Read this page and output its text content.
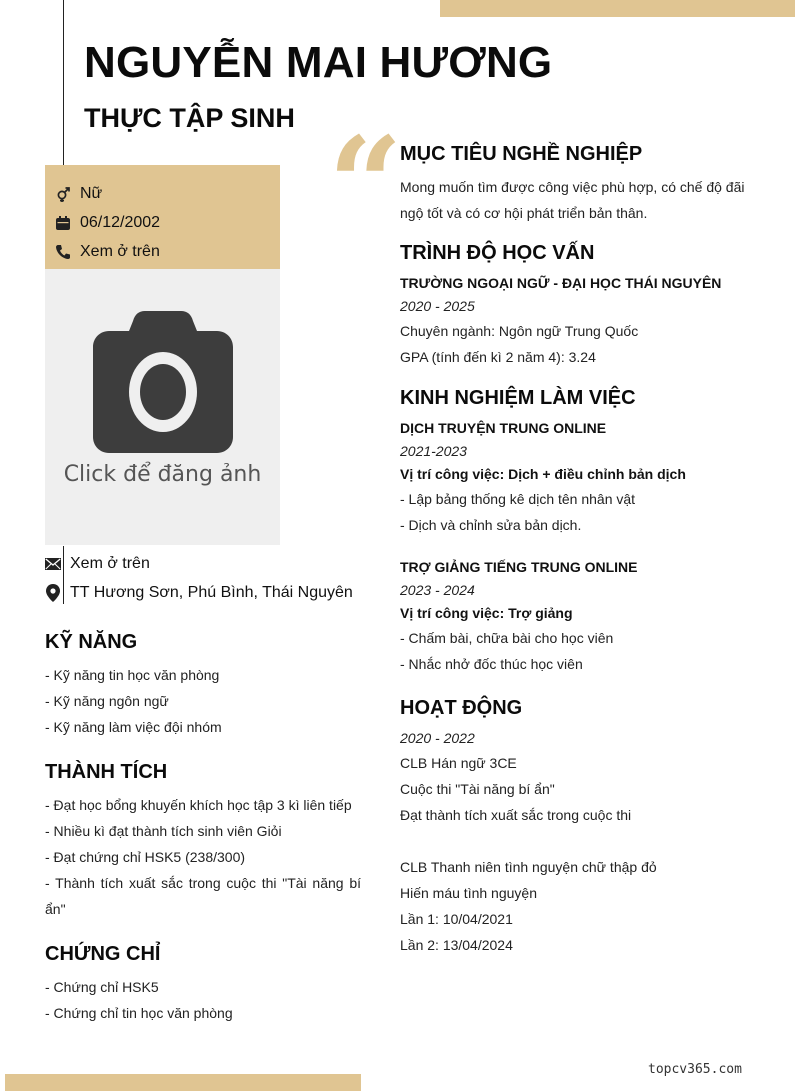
NGUYỄN MAI HƯƠNG
THỰC TẬP SINH
Nữ
06/12/2002
Xem ở trên
Click để đăng ảnh
Xem ở trên
TT Hương Sơn, Phú Bình, Thái Nguyên
KỸ NĂNG
- Kỹ năng tin học văn phòng
- Kỹ năng ngôn ngữ
- Kỹ năng làm việc đội nhóm
THÀNH TÍCH
- Đạt học bổng khuyến khích học tập 3 kì liên tiếp
- Nhiều kì đạt thành tích sinh viên Giỏi
- Đạt chứng chỉ HSK5 (238/300)
- Thành tích xuất sắc trong cuộc thi "Tài năng bí ẩn"
CHỨNG CHỈ
- Chứng chỉ HSK5
- Chứng chỉ tin học văn phòng
“
MỤC TIÊU NGHỀ NGHIỆP
Mong muốn tìm được công việc phù hợp, có chế độ đãi ngộ tốt và có cơ hội phát triển bản thân.
TRÌNH ĐỘ HỌC VẤN
TRƯỜNG NGOẠI NGỮ - ĐẠI HỌC THÁI NGUYÊN
2020 - 2025
Chuyên ngành: Ngôn ngữ Trung Quốc
GPA (tính đến kì 2 năm 4): 3.24
KINH NGHIỆM LÀM VIỆC
DỊCH TRUYỆN TRUNG ONLINE
2021-2023
Vị trí công việc: Dịch + điều chỉnh bản dịch
- Lập bảng thống kê dịch tên nhân vật
- Dịch và chỉnh sửa bản dịch.
TRỢ GIẢNG TIẾNG TRUNG ONLINE
2023 - 2024
Vị trí công việc: Trợ giảng
- Chấm bài, chữa bài cho học viên
- Nhắc nhở đốc thúc học viên
HOẠT ĐỘNG
2020 - 2022
CLB Hán ngữ 3CE
Cuộc thi "Tài năng bí ẩn"
Đạt thành tích xuất sắc trong cuộc thi
CLB Thanh niên tình nguyện chữ thập đỏ
Hiến máu tình nguyện
Lần 1: 10/04/2021
Lần 2: 13/04/2024
topcv365.com
